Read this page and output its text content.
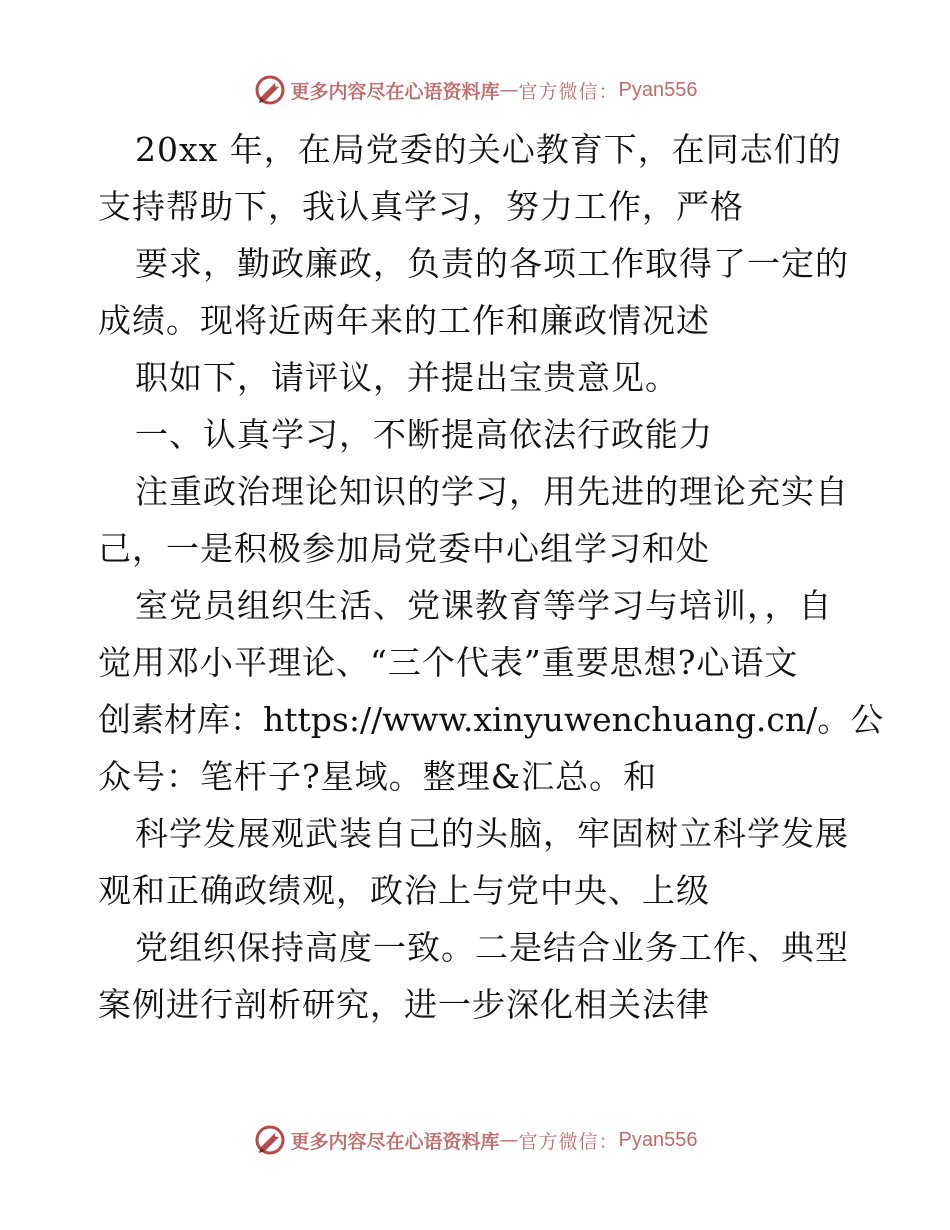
更多内容尽在心语资料库 — 官方微信： Pyan556
20xx 年，在局党委的关心教育下，在同志们的
支持帮助下，我认真学习，努力工作，严格
要求，勤政廉政，负责的各项工作取得了一定的
成绩。现将近两年来的工作和廉政情况述
职如下，请评议，并提出宝贵意见。
一、认真学习，不断提高依法行政能力
注重政治理论知识的学习，用先进的理论充实自
己，一是积极参加局党委中心组学习和处
室党员组织生活、党课教育等学习与培训，，自
觉用邓小平理论、“三个代表”重要思想?心语文
创素材库：https://www.xinyuwenchuang.cn/。公
众号：笔杆子?星域。整理&汇总。和
科学发展观武装自己的头脑，牢固树立科学发展
观和正确政绩观，政治上与党中央、上级
党组织保持高度一致。二是结合业务工作、典型
案例进行剖析研究，进一步深化相关法律
更多内容尽在心语资料库 — 官方微信： Pyan556
